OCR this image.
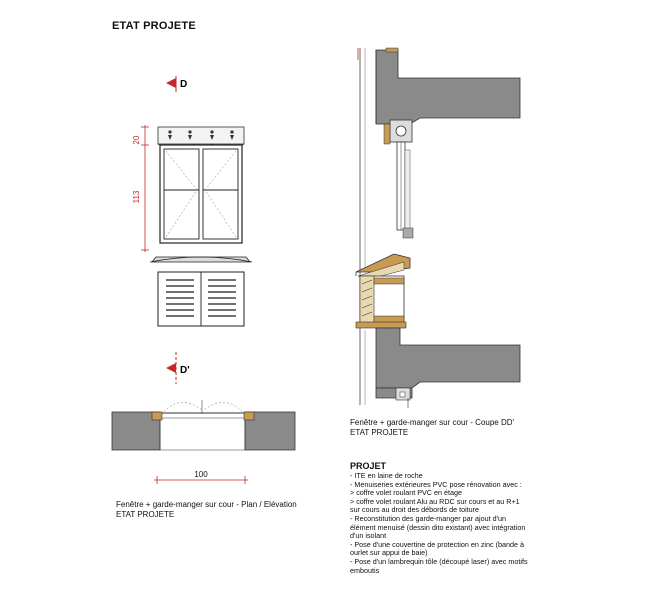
ETAT PROJETE
D
20
113
D'
100
Fenêtre + garde-manger sur cour - Plan / Elévation
ETAT PROJETE
Fenêtre + garde-manger sur cour - Coupe DD'
ETAT PROJETE
PROJET
- ITE en laine de roche
- Menuiseries extérieures PVC pose rénovation avec :
> coffre volet roulant PVC en étage
> coffre volet roulant Alu au RDC sur cours et au R+1
sur cours au droit des débords de toiture
- Reconstitution des garde-manger par ajout d'un
élément menuisé (dessin dito existant) avec intégration
d'un isolant
- Pose d'une couvertine de protection en zinc (bande à
ourlet sur appui de baie)
- Pose d'un lambrequin tôle (découpé laser) avec motifs
emboutis
